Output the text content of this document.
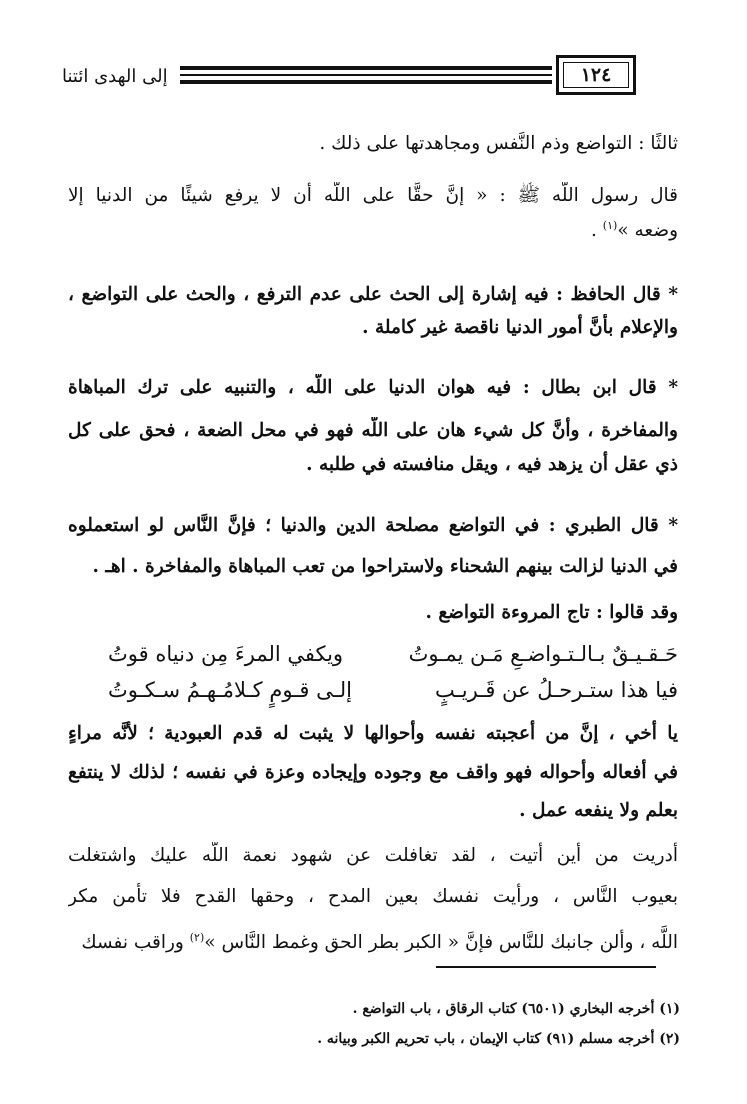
إلى الهدى ائتنا	١٢٤
ثالثًا : التواضع وذم النَّفس ومجاهدتها على ذلك .
قال رسول اللَّه ﷺ : « إنَّ حقًّا على اللَّه أن لا يرفع شيئًا من الدنيا إلا
وضعه »$^{(١)}$ .
* قال الحافظ : فيه إشارة إلى الحث على عدم الترفع ، والحث على التواضع ،
والإعلام بأنَّ أمور الدنيا ناقصة غير كاملة .
* قال ابن بطال : فيه هوان الدنيا على اللَّه ، والتنبيه على ترك المباهاة
والمفاخرة ، وأنَّ كل شيء هان على اللَّه فهو في محل الضعة ، فحق على كل
ذي عقل أن يزهد فيه ، ويقل منافسته في طلبه .
* قال الطبري : في التواضع مصلحة الدين والدنيا ؛ فإنَّ النَّاس لو استعملوه
في الدنيا لزالت بينهم الشحناء ولاستراحوا من تعب المباهاة والمفاخرة . اهـ .
وقد قالوا : تاج المروءة التواضع .
حَـقـيـقٌ بـالـتـواضـعِ مَـن يمـوتُ
ويكفي المرءَ مِن دنياه قوتُ
فيا هذا ستـرحـلُ عن قَـريـبٍ
إلـى قـومٍ كـلامُـهـمُ سـكـوتُ
يا أخي ، إنَّ من أعجبته نفسه وأحوالها لا يثبت له قدم العبودية ؛ لأنَّه مراءٍ
في أفعاله وأحواله فهو واقف مع وجوده وإيجاده وعزة في نفسه ؛ لذلك لا ينتفع
بعلم ولا ينفعه عمل .
أدريت من أين أُتيت ، لقد تغافلت عن شهود نعمة اللَّه عليك واشتغلت
بعيوب النَّاس ، ورأيت نفسك بعين المدح ، وحقها القدح فلا تأمن مكر
اللَّه ، وألن جانبك للنَّاس فإنَّ « الكبر بطر الحق وغمط النَّاس »$^{(٢)}$ وراقب نفسك
(١) أخرجه البخاري (٦٥٠١) كتاب الرقاق ، باب التواضع .
(٢) أخرجه مسلم (٩١) كتاب الإيمان ، باب تحريم الكبر وبيانه .
